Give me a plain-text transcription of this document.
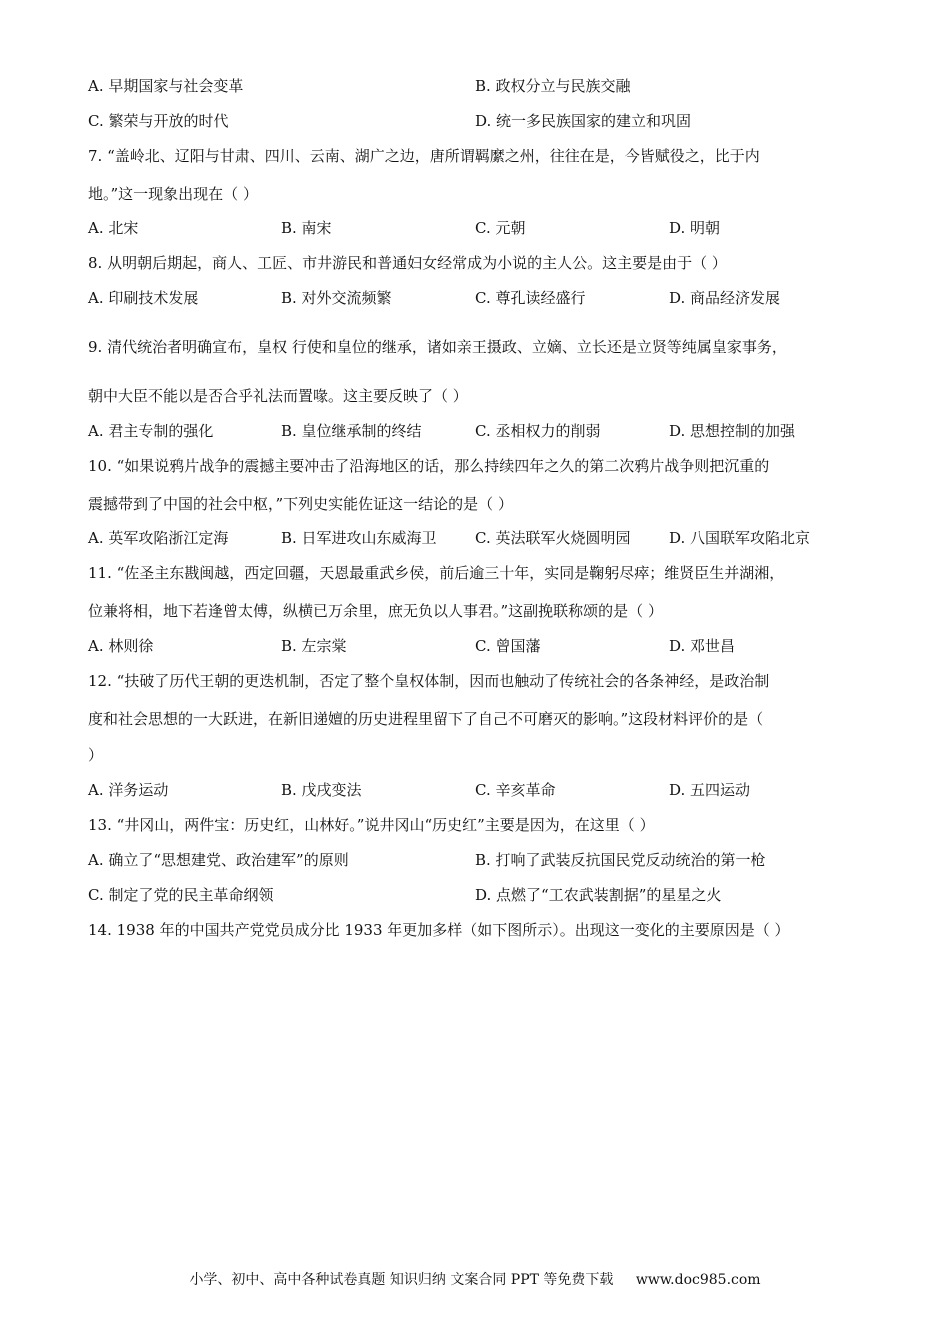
A. 早期国家与社会变革	B. 政权分立与民族交融
C. 繁荣与开放的时代	D. 统一多民族国家的建立和巩固
7. “盖岭北、辽阳与甘肃、四川、云南、湖广之边，唐所谓羁縻之州，往往在是，今皆赋役之，比于内
地。”这一现象出现在（ ）
A. 北宋	B. 南宋	C. 元朝	D. 明朝
8. 从明朝后期起，商人、工匠、市井游民和普通妇女经常成为小说的主人公。这主要是由于（ ）
A. 印刷技术发展	B. 对外交流频繁	C. 尊孔读经盛行	D. 商品经济发展
9. 清代统治者明确宣布，皇权 行使和皇位的继承，诸如亲王摄政、立嫡、立长还是立贤等纯属皇家事务，
朝中大臣不能以是否合乎礼法而置喙。这主要反映了（ ）
A. 君主专制的强化	B. 皇位继承制的终结	C. 丞相权力的削弱	D. 思想控制的加强
10. “如果说鸦片战争的震撼主要冲击了沿海地区的话，那么持续四年之久的第二次鸦片战争则把沉重的
震撼带到了中国的社会中枢，”下列史实能佐证这一结论的是（ ）
A. 英军攻陷浙江定海	B. 日军进攻山东威海卫	C. 英法联军火烧圆明园	D. 八国联军攻陷北京
11. “佐圣主东戡闽越，西定回疆，天恩最重武乡侯，前后逾三十年，实同是鞠躬尽瘁；维贤臣生并湖湘，
位兼将相，地下若逢曾太傅，纵横已万余里，庶无负以人事君。”这副挽联称颂的是（ ）
A. 林则徐	B. 左宗棠	C. 曾国藩	D. 邓世昌
12. “扶破了历代王朝的更迭机制，否定了整个皇权体制，因而也触动了传统社会的各条神经，是政治制
度和社会思想的一大跃进，在新旧递嬗的历史进程里留下了自己不可磨灭的影响。”这段材料评价的是（
）
A. 洋务运动	B. 戊戌变法	C. 辛亥革命	D. 五四运动
13. “井冈山，两件宝：历史红，山林好。”说井冈山“历史红”主要是因为，在这里（ ）
A. 确立了“思想建党、政治建军”的原则	B. 打响了武装反抗国民党反动统治的第一枪
C. 制定了党的民主革命纲领	D. 点燃了“工农武装割据”的星星之火
14. 1938 年的中国共产党党员成分比 1933 年更加多样（如下图所示）。出现这一变化的主要原因是（ ）
小学、初中、高中各种试卷真题 知识归纳 文案合同 PPT 等免费下载 www.doc985.com
